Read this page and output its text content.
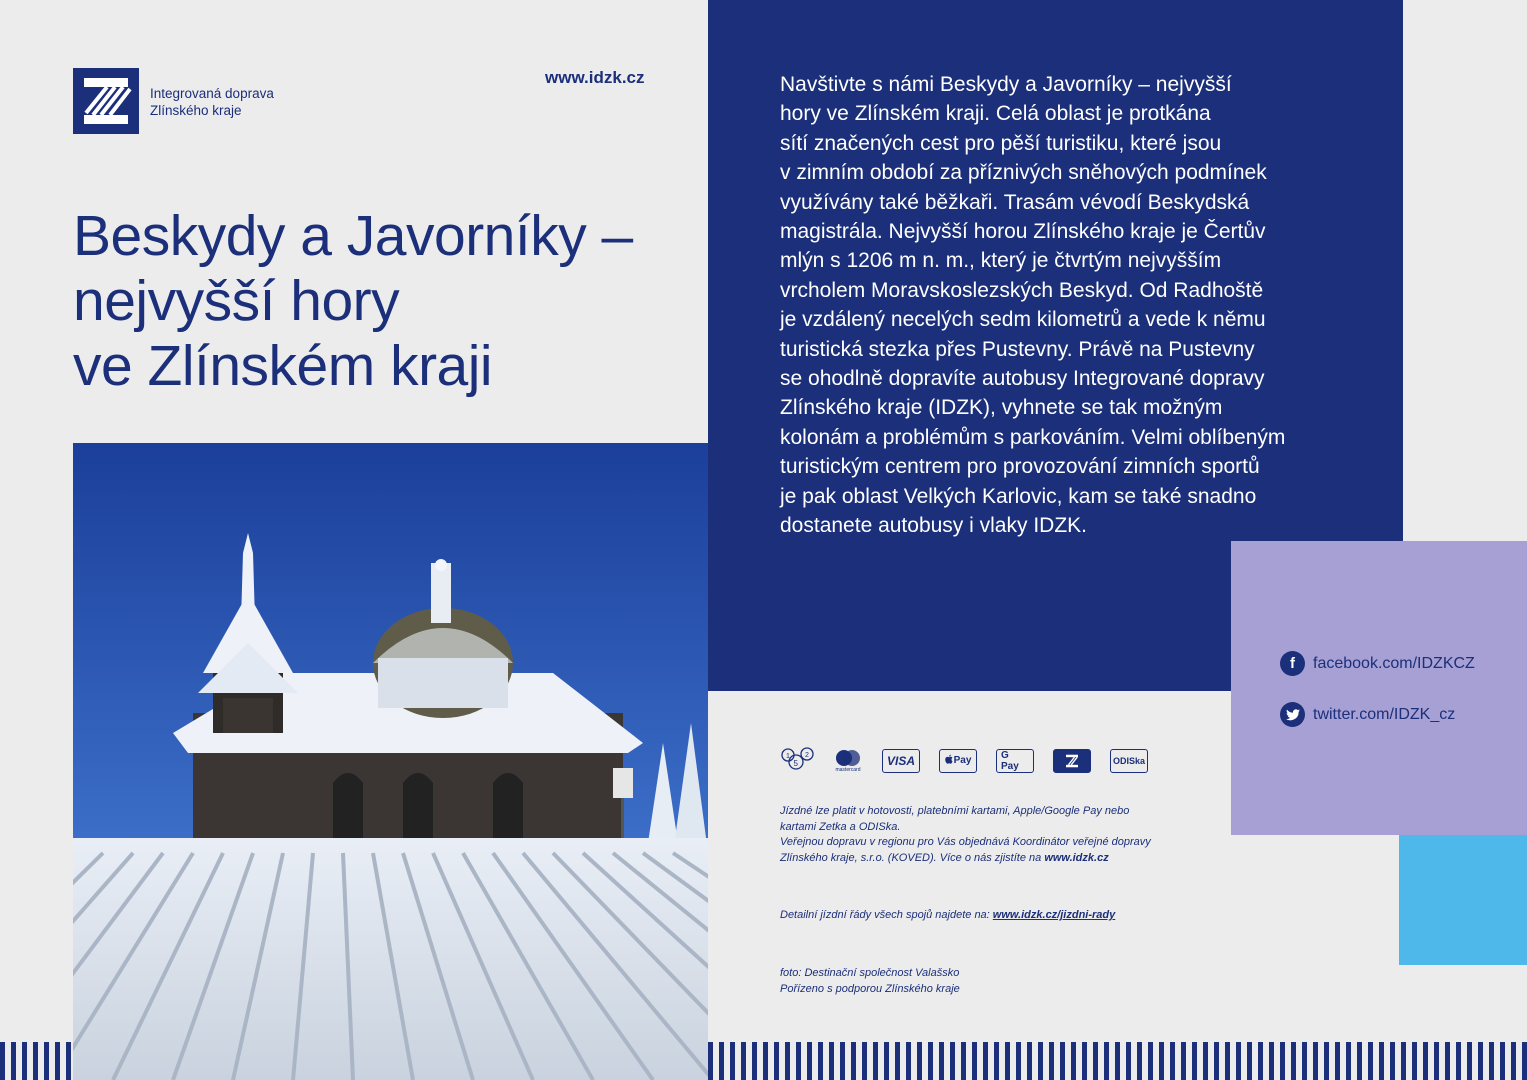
Integrovaná doprava
Zlínského kraje
www.idzk.cz
Beskydy a Javorníky –
nejvyšší hory
ve Zlínském kraji
Navštivte s námi Beskydy a Javorníky – nejvyšší
hory ve Zlínském kraji. Celá oblast je protkána
sítí značených cest pro pěší turistiku, které jsou
v zimním období za příznivých sněhových podmínek
využívány také běžkaři. Trasám vévodí Beskydská
magistrála. Nejvyšší horou Zlínského kraje je Čertův
mlýn s 1206 m n. m., který je čtvrtým nejvyšším
vrcholem Moravskoslezských Beskyd. Od Radhoště
je vzdálený necelých sedm kilometrů a vede k němu
turistická stezka přes Pustevny. Právě na Pustevny
se ohodlně dopravíte autobusy Integrované dopravy
Zlínského kraje (IDZK), vyhnete se tak možným
kolonám a problémům s parkováním. Velmi oblíbeným
turistickým centrem pro provozování zimních sportů
je pak oblast Velkých Karlovic, kam se také snadno
dostanete autobusy i vlaky IDZK.
f	facebook.com/IDZKCZ
twitter.com/IDZK_cz
5
2
1
mastercard
VISA	Pay	G Pay	ODISka
Jízdné lze platit v hotovosti, platebními kartami, Apple/Google Pay nebo
kartami Zetka a ODISka.
Veřejnou dopravu v regionu pro Vás objednává Koordinátor veřejné dopravy
Zlínského kraje, s.r.o. (KOVED). Více o nás zjistíte na www.idzk.cz
Detailní jízdní řády všech spojů najdete na: www.idzk.cz/jizdni-rady
foto: Destinační společnost Valašsko
Pořízeno s podporou Zlínského kraje
